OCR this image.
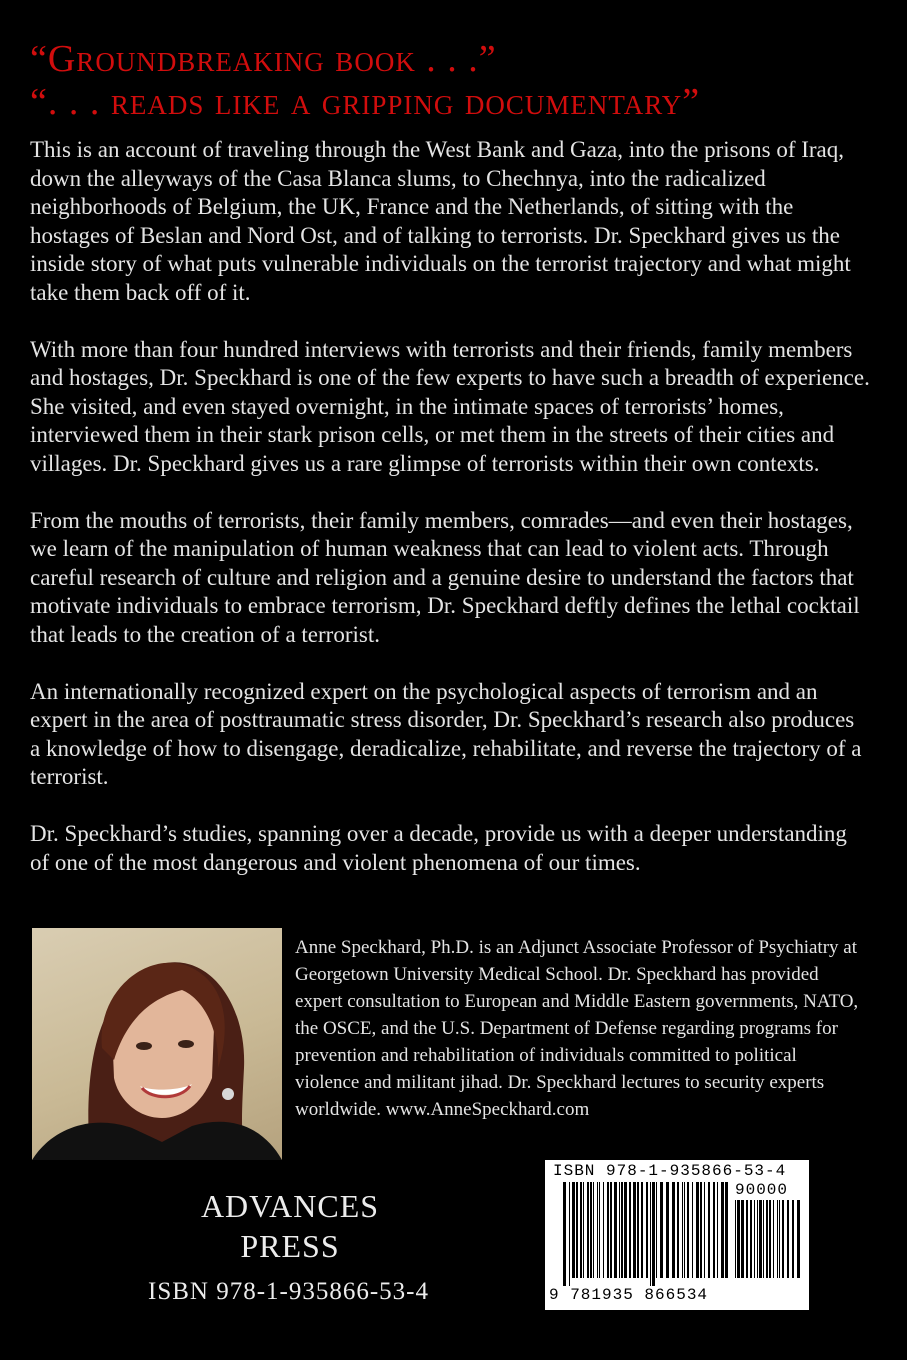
“Groundbreaking book . . .”
“. . . reads like a gripping documentary”

This is an account of traveling through the West Bank and Gaza, into the prisons of Iraq, down the alleyways of the Casa Blanca slums, to Chechnya, into the radicalized neighborhoods of Belgium, the UK, France and the Netherlands, of sitting with the hostages of Beslan and Nord Ost, and of talking to terrorists. Dr. Speckhard gives us the inside story of what puts vulnerable individuals on the terrorist trajectory and what might take them back off of it.

With more than four hundred interviews with terrorists and their friends, family members and hostages, Dr. Speckhard is one of the few experts to have such a breadth of experience. She visited, and even stayed overnight, in the intimate spaces of terrorists’ homes, interviewed them in their stark prison cells, or met them in the streets of their cities and villages. Dr. Speckhard gives us a rare glimpse of terrorists within their own contexts.

From the mouths of terrorists, their family members, comrades—and even their hostages, we learn of the manipulation of human weakness that can lead to violent acts. Through careful research of culture and religion and a genuine desire to understand the factors that motivate individuals to embrace terrorism, Dr. Speckhard deftly defines the lethal cocktail that leads to the creation of a terrorist.

An internationally recognized expert on the psychological aspects of terrorism and an expert in the area of posttraumatic stress disorder, Dr. Speckhard’s research also produces a knowledge of how to disengage, deradicalize, rehabilitate, and reverse the trajectory of a terrorist.

Dr. Speckhard’s studies, spanning over a decade, provide us with a deeper understanding of one of the most dangerous and violent phenomena of our times.

Anne Speckhard, Ph.D. is an Adjunct Associate Professor of Psychiatry at Georgetown University Medical School. Dr. Speckhard has provided expert consultation to European and Middle Eastern governments, NATO, the OSCE, and the U.S. Department of Defense regarding programs for prevention and rehabilitation of individuals committed to political violence and militant jihad. Dr. Speckhard lectures to security experts worldwide. www.AnneSpeckhard.com
ADVANCES
PRESS
ISBN 978-1-935866-53-4
ISBN 978-1-935866-53-4
90000
9 781935 866534
